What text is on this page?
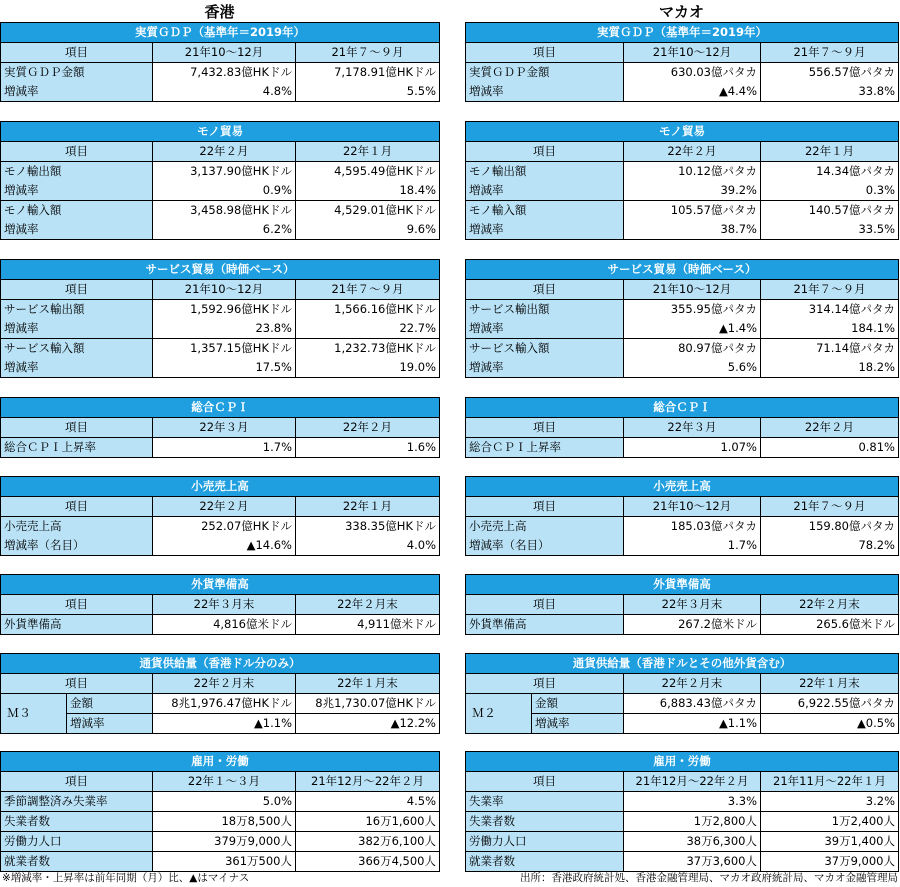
香港	マカオ
実質ＧＤＰ（基準年＝2019年）		
項目	21年10～12月	21年７～９月
実質ＧＤＰ金額	7,432.83億HKドル	7,178.91億HKドル
増減率	4.8%	5.5%
モノ貿易		
項目	22年２月	22年１月
モノ輸出額	3,137.90億HKドル	4,595.49億HKドル
増減率	0.9%	18.4%
モノ輸入額	3,458.98億HKドル	4,529.01億HKドル
増減率	6.2%	9.6%
サービス貿易（時価ベース）		
項目	21年10～12月	21年７～９月
サービス輸出額	1,592.96億HKドル	1,566.16億HKドル
増減率	23.8%	22.7%
サービス輸入額	1,357.15億HKドル	1,232.73億HKドル
増減率	17.5%	19.0%
総合ＣＰＩ		
項目	22年３月	22年２月
総合ＣＰＩ上昇率	1.7%	1.6%
小売売上高		
項目	22年２月	22年１月
小売売上高	252.07億HKドル	338.35億HKドル
増減率（名目）	▲14.6%	4.0%
外貨準備高		
項目	22年３月末	22年２月末
外貨準備高	4,816億米ドル	4,911億米ドル
通貨供給量（香港ドル分のみ）			
項目		22年２月末	22年１月末
Ｍ３	金額	8兆1,976.47億HKドル	8兆1,730.07億HKドル
	増減率	▲1.1%	▲12.2%
雇用・労働		
項目	22年１～３月	21年12月～22年２月
季節調整済み失業率	5.0%	4.5%
失業者数	18万8,500人	16万1,600人
労働力人口	379万9,000人	382万6,100人
就業者数	361万500人	366万4,500人
実質ＧＤＰ（基準年＝2019年）		
項目	21年10～12月	21年７～９月
実質ＧＤＰ金額	630.03億パタカ	556.57億パタカ
増減率	▲4.4%	33.8%
モノ貿易		
項目	22年２月	22年１月
モノ輸出額	10.12億パタカ	14.34億パタカ
増減率	39.2%	0.3%
モノ輸入額	105.57億パタカ	140.57億パタカ
増減率	38.7%	33.5%
サービス貿易（時価ベース）		
項目	21年10～12月	21年７～９月
サービス輸出額	355.95億パタカ	314.14億パタカ
増減率	▲1.4%	184.1%
サービス輸入額	80.97億パタカ	71.14億パタカ
増減率	5.6%	18.2%
総合ＣＰＩ		
項目	22年３月	22年２月
総合ＣＰＩ上昇率	1.07%	0.81%
小売売上高		
項目	21年10～12月	21年７～９月
小売売上高	185.03億パタカ	159.80億パタカ
増減率（名目）	1.7%	78.2%
外貨準備高		
項目	22年３月末	22年２月末
外貨準備高	267.2億米ドル	265.6億米ドル
通貨供給量（香港ドルとその他外貨含む）			
項目		22年２月末	22年１月末
Ｍ２	金額	6,883.43億パタカ	6,922.55億パタカ
	増減率	▲1.1%	▲0.5%
雇用・労働		
項目	21年12月～22年２月	21年11月～22年１月
失業率	3.3%	3.2%
失業者数	1万2,800人	1万2,400人
労働力人口	38万6,300人	39万1,400人
就業者数	37万3,600人	37万9,000人
※増減率・上昇率は前年同期（月）比、▲はマイナス	出所：香港政府統計処、香港金融管理局、マカオ政府統計局、マカオ金融管理局
